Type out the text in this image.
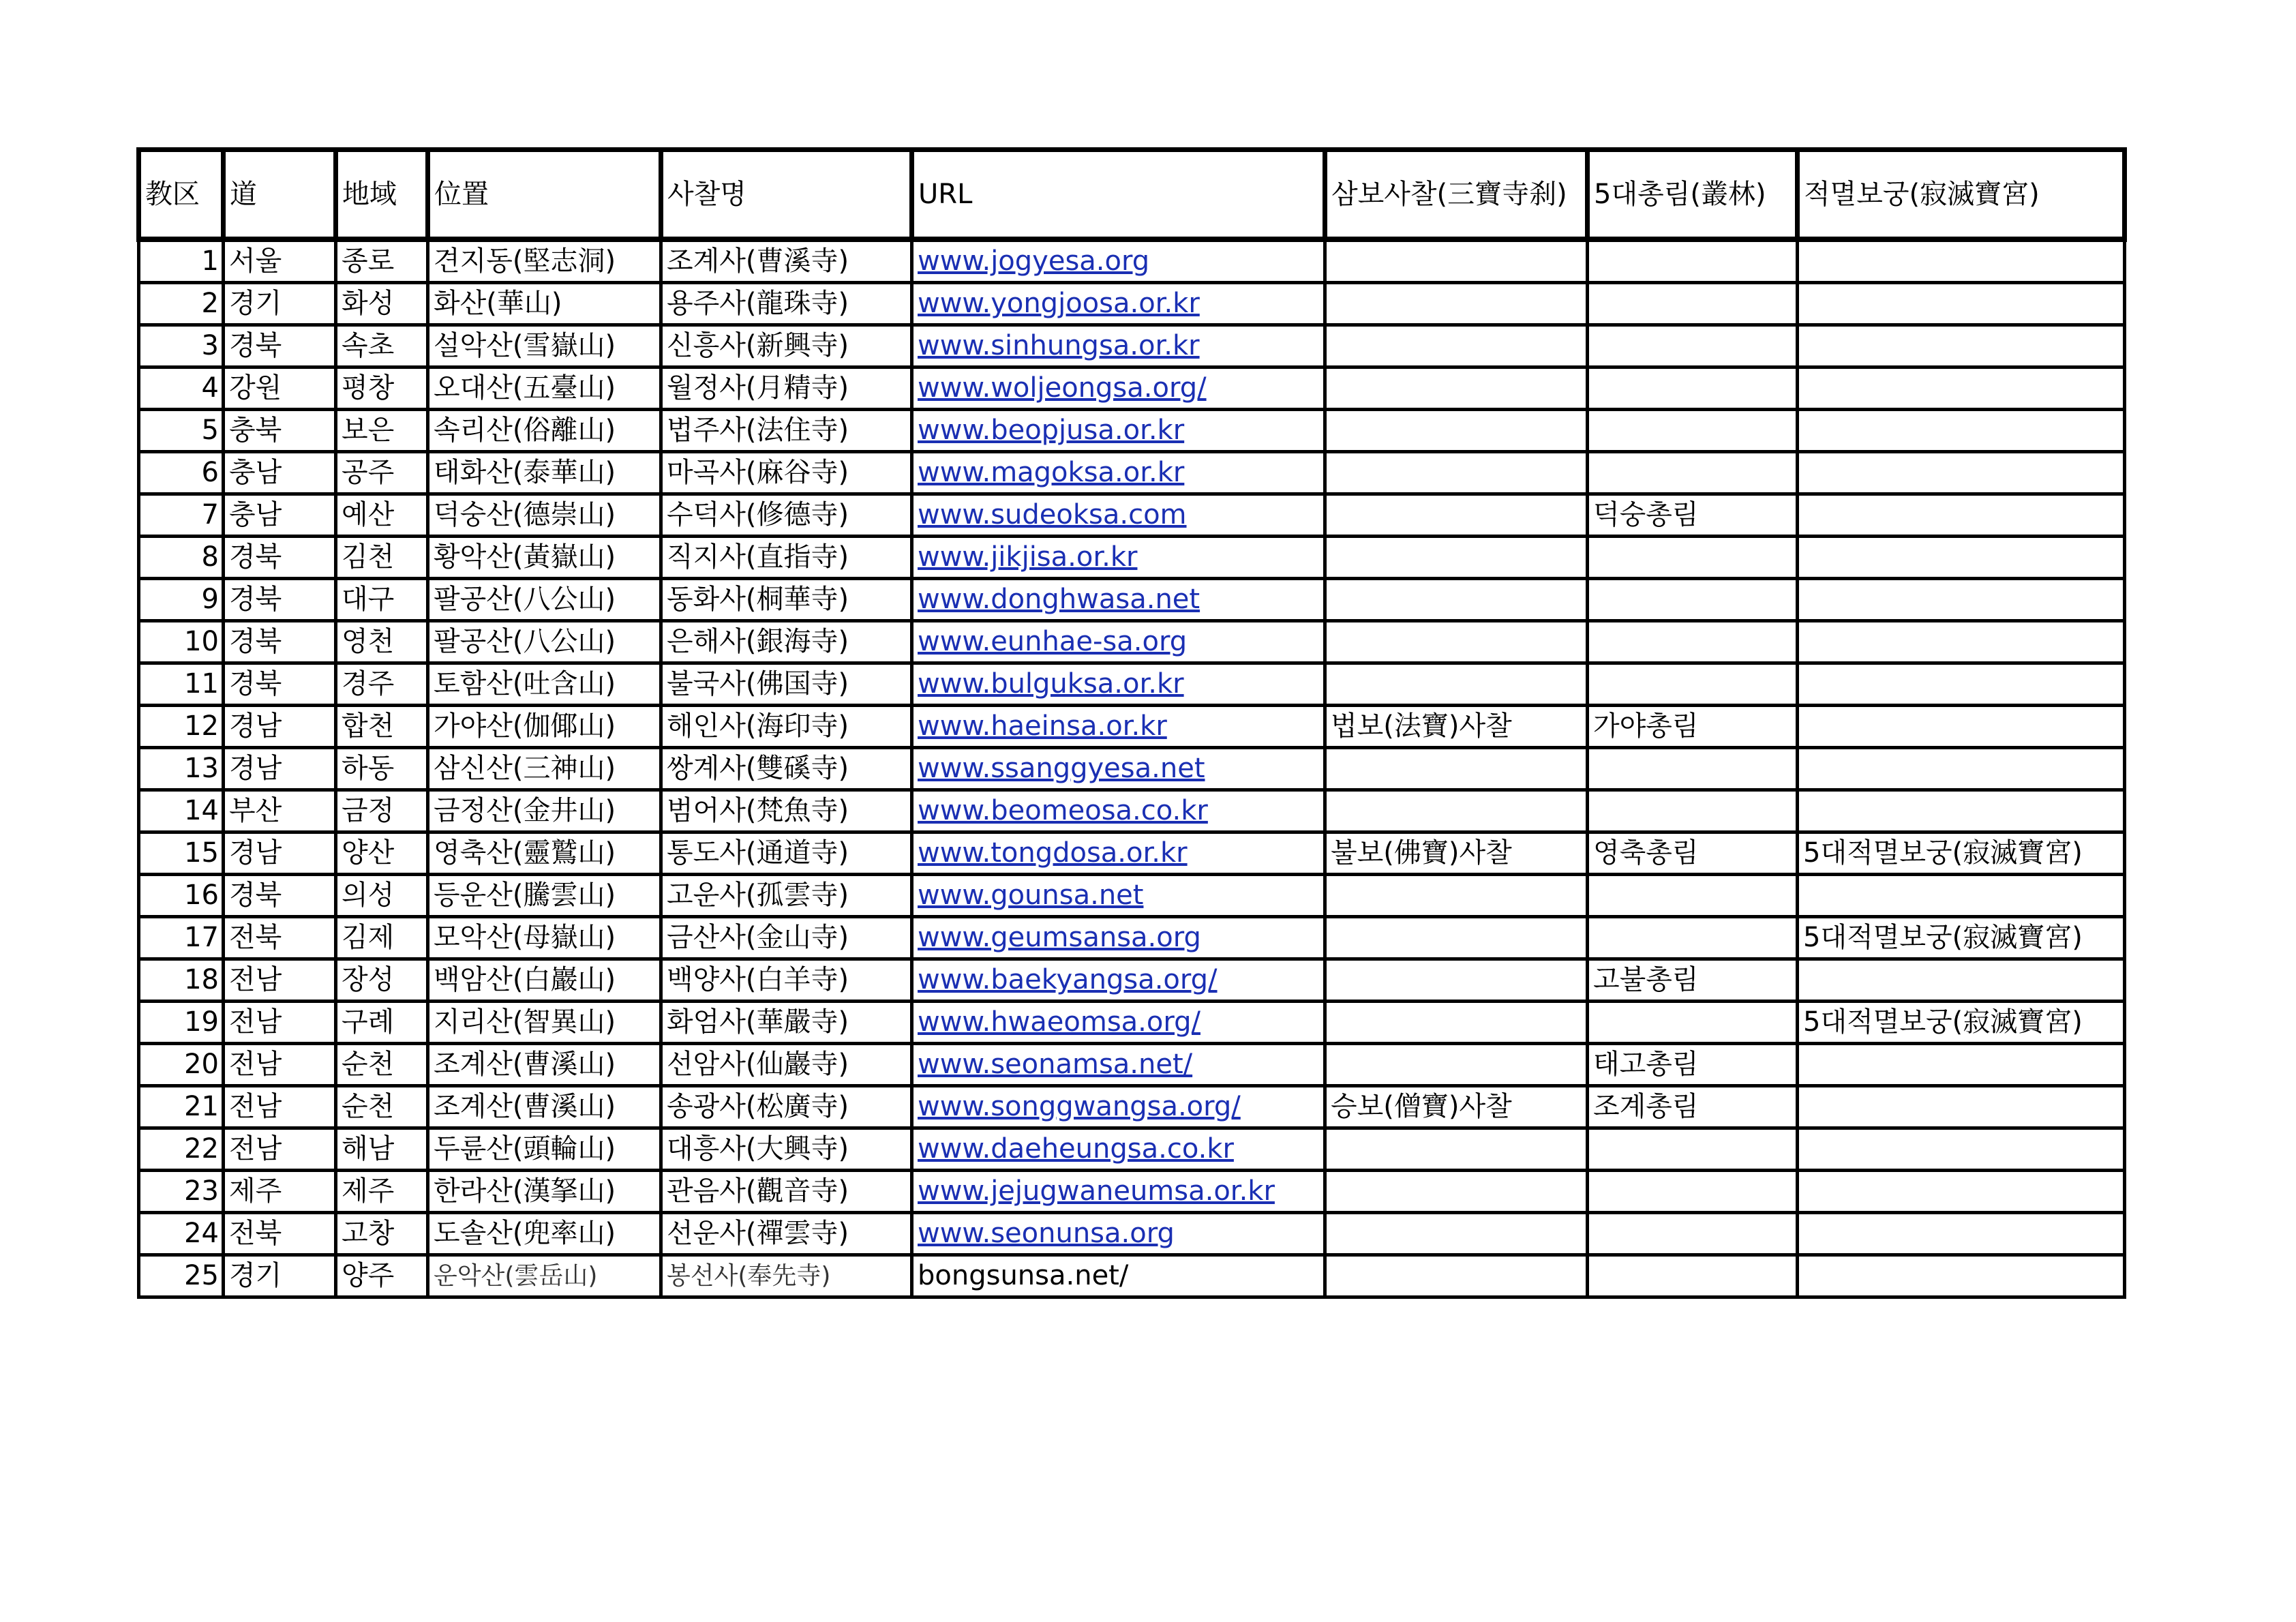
教区	道	地域	位置	사찰명	URL	삼보사찰(三寶寺刹)	5대총림(叢林)	적멸보궁(寂滅寶宮)
1	서울	종로	견지동(堅志洞)	조계사(曹溪寺)	www.jogyesa.org			
2	경기	화성	화산(華山)	용주사(龍珠寺)	www.yongjoosa.or.kr			
3	경북	속초	설악산(雪嶽山)	신흥사(新興寺)	www.sinhungsa.or.kr			
4	강원	평창	오대산(五臺山)	월정사(月精寺)	www.woljeongsa.org/			
5	충북	보은	속리산(俗離山)	법주사(法住寺)	www.beopjusa.or.kr			
6	충남	공주	태화산(泰華山)	마곡사(麻谷寺)	www.magoksa.or.kr			
7	충남	예산	덕숭산(德崇山)	수덕사(修德寺)	www.sudeoksa.com		덕숭총림	
8	경북	김천	황악산(黃嶽山)	직지사(直指寺)	www.jikjisa.or.kr			
9	경북	대구	팔공산(八公山)	동화사(桐華寺)	www.donghwasa.net			
10	경북	영천	팔공산(八公山)	은해사(銀海寺)	www.eunhae-sa.org			
11	경북	경주	토함산(吐含山)	불국사(佛国寺)	www.bulguksa.or.kr			
12	경남	합천	가야산(伽倻山)	해인사(海印寺)	www.haeinsa.or.kr	법보(法寶)사찰	가야총림	
13	경남	하동	삼신산(三神山)	쌍계사(雙磎寺)	www.ssanggyesa.net			
14	부산	금정	금정산(金井山)	범어사(梵魚寺)	www.beomeosa.co.kr			
15	경남	양산	영축산(靈鷲山)	통도사(通道寺)	www.tongdosa.or.kr	불보(佛寶)사찰	영축총림	5대적멸보궁(寂滅寶宮)
16	경북	의성	등운산(騰雲山)	고운사(孤雲寺)	www.gounsa.net			
17	전북	김제	모악산(母嶽山)	금산사(金山寺)	www.geumsansa.org			5대적멸보궁(寂滅寶宮)
18	전남	장성	백암산(白巖山)	백양사(白羊寺)	www.baekyangsa.org/		고불총림	
19	전남	구례	지리산(智異山)	화엄사(華嚴寺)	www.hwaeomsa.org/			5대적멸보궁(寂滅寶宮)
20	전남	순천	조계산(曹溪山)	선암사(仙巖寺)	www.seonamsa.net/		태고총림	
21	전남	순천	조계산(曹溪山)	송광사(松廣寺)	www.songgwangsa.org/	승보(僧寶)사찰	조계총림	
22	전남	해남	두륜산(頭輪山)	대흥사(大興寺)	www.daeheungsa.co.kr			
23	제주	제주	한라산(漢拏山)	관음사(觀音寺)	www.jejugwaneumsa.or.kr			
24	전북	고창	도솔산(兜率山)	선운사(禪雲寺)	www.seonunsa.org			
25	경기	양주	운악산(雲岳山)	봉선사(奉先寺)	bongsunsa.net/			
